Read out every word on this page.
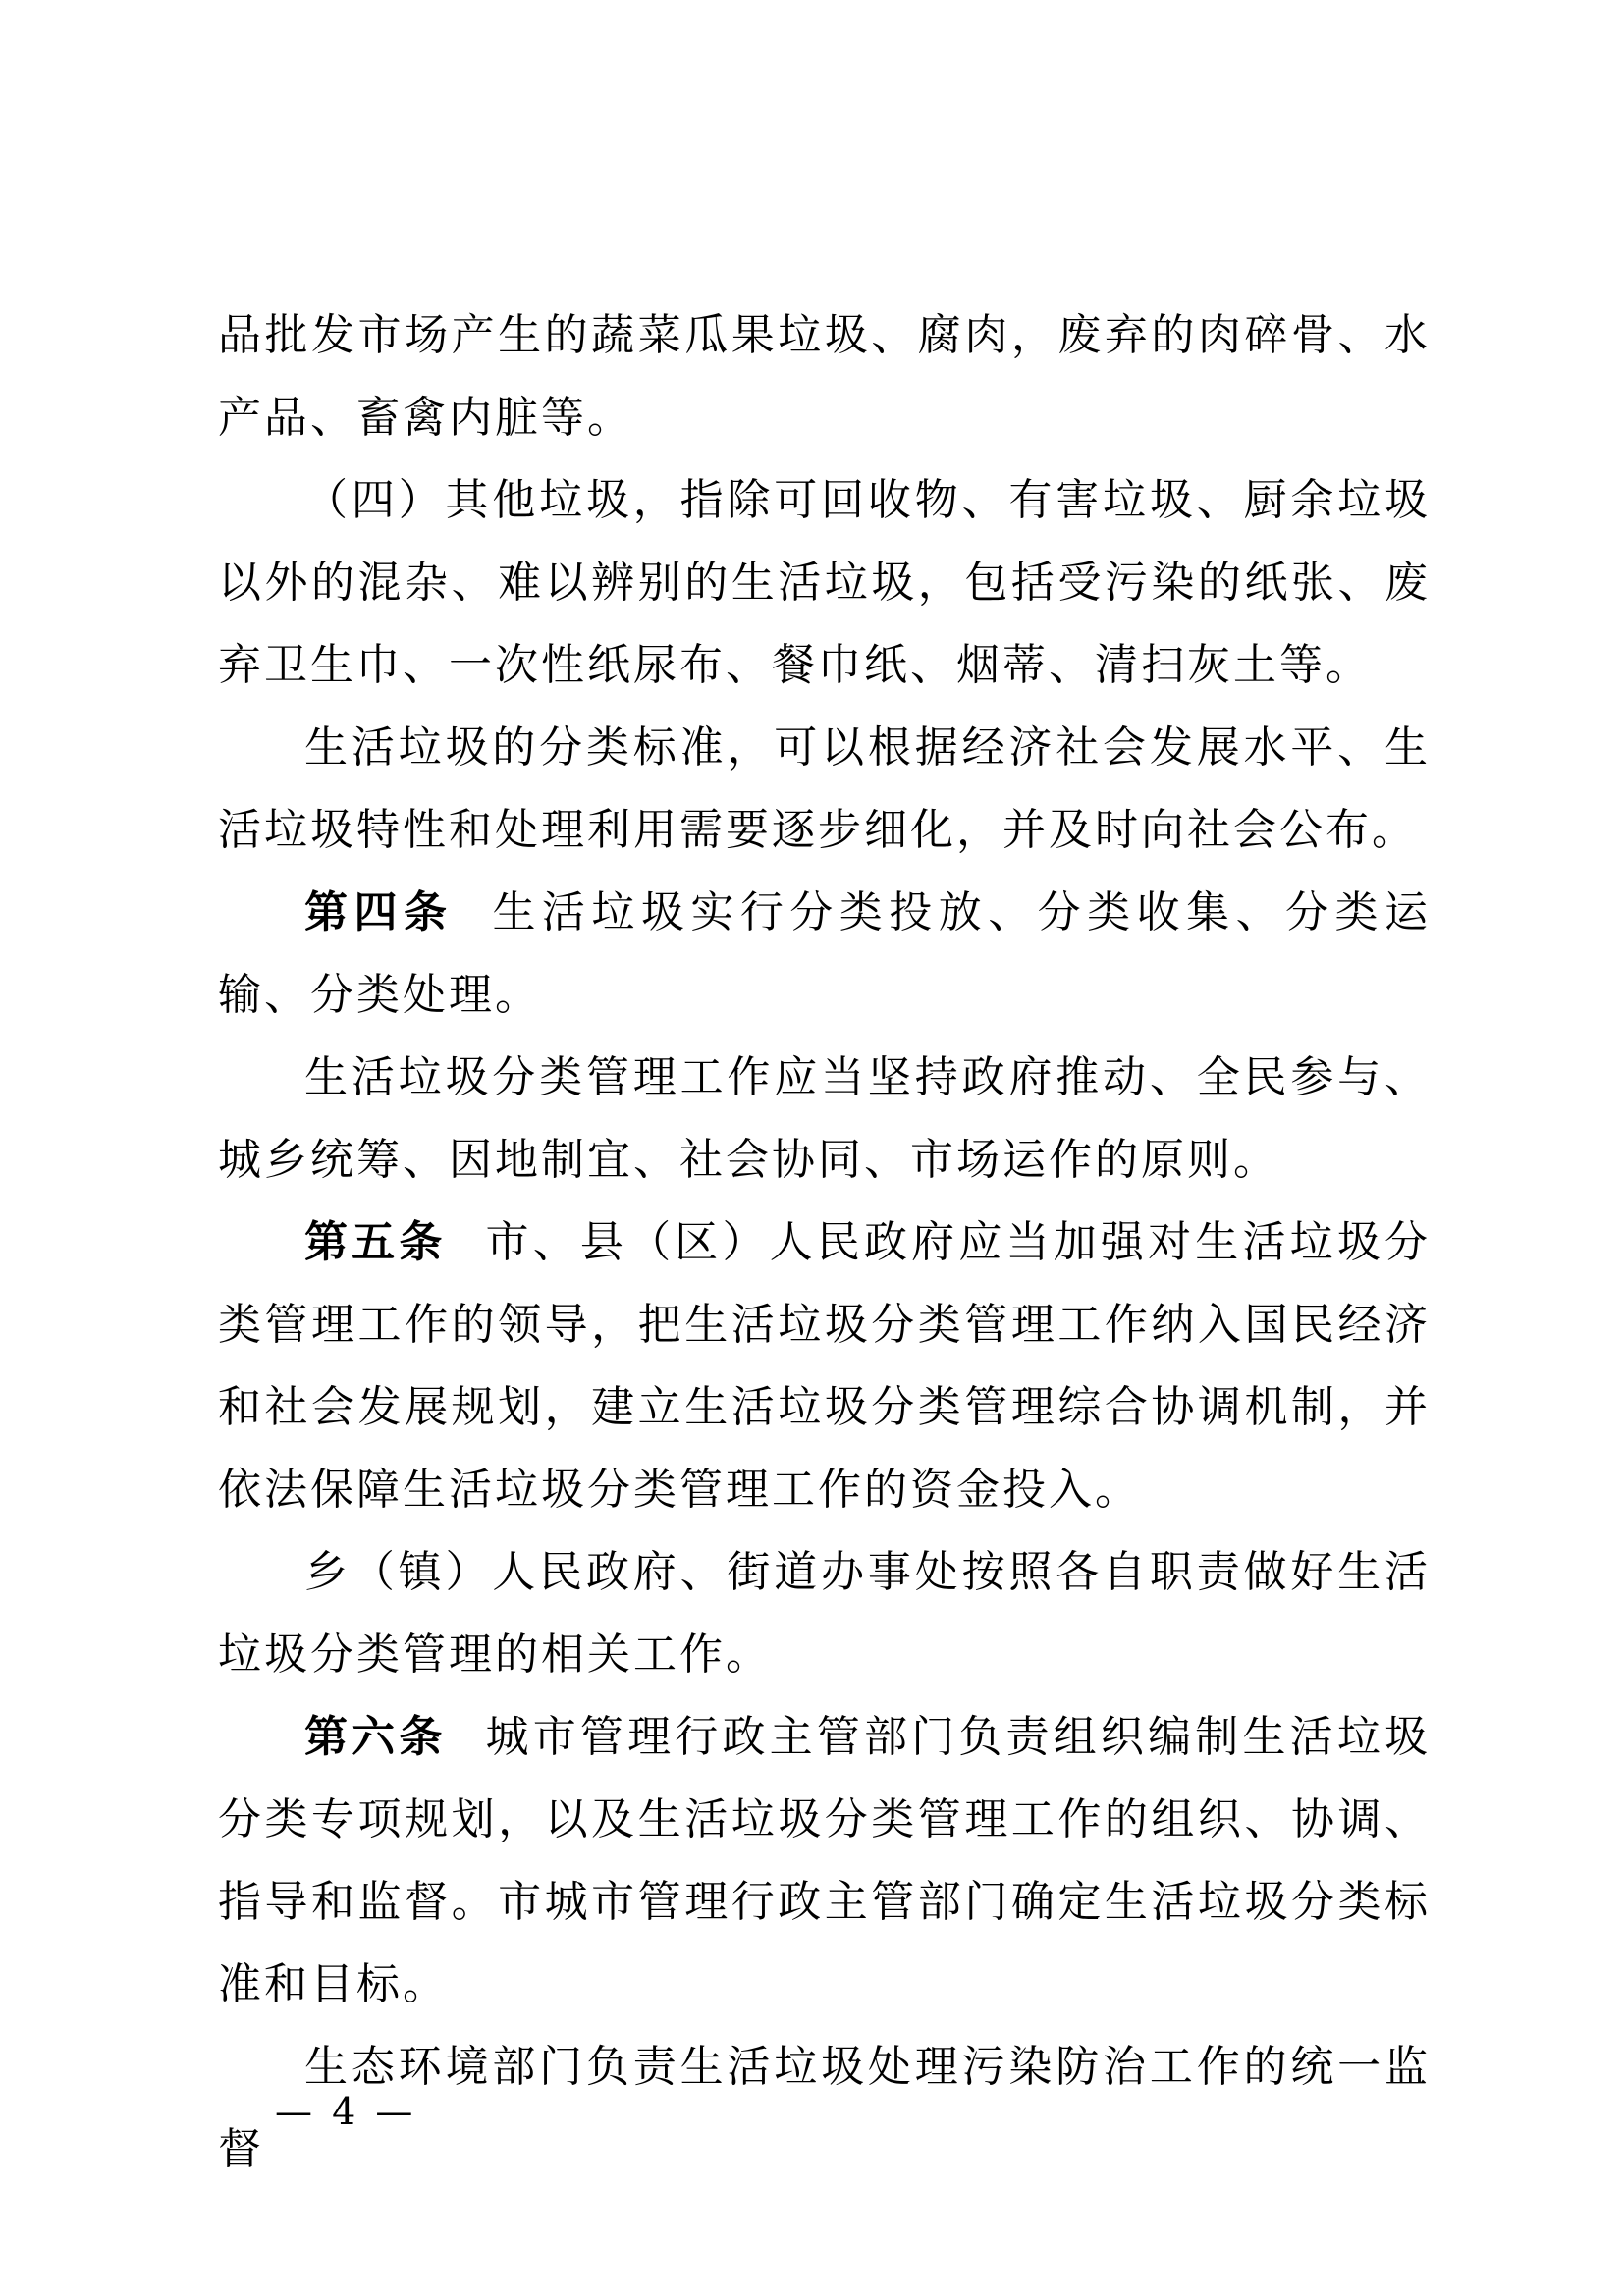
品批发市场产生的蔬菜瓜果垃圾、腐肉，废弃的肉碎骨、水产品、畜禽内脏等。

（四）其他垃圾，指除可回收物、有害垃圾、厨余垃圾以外的混杂、难以辨别的生活垃圾，包括受污染的纸张、废弃卫生巾、一次性纸尿布、餐巾纸、烟蒂、清扫灰土等。

生活垃圾的分类标准，可以根据经济社会发展水平、生活垃圾特性和处理利用需要逐步细化，并及时向社会公布。

第四条 生活垃圾实行分类投放、分类收集、分类运输、分类处理。

生活垃圾分类管理工作应当坚持政府推动、全民参与、城乡统筹、因地制宜、社会协同、市场运作的原则。

第五条 市、县（区）人民政府应当加强对生活垃圾分类管理工作的领导，把生活垃圾分类管理工作纳入国民经济和社会发展规划，建立生活垃圾分类管理综合协调机制，并依法保障生活垃圾分类管理工作的资金投入。

乡（镇）人民政府、街道办事处按照各自职责做好生活垃圾分类管理的相关工作。

第六条 城市管理行政主管部门负责组织编制生活垃圾分类专项规划，以及生活垃圾分类管理工作的组织、协调、指导和监督。市城市管理行政主管部门确定生活垃圾分类标准和目标。

生态环境部门负责生活垃圾处理污染防治工作的统一监督

— 4 —
